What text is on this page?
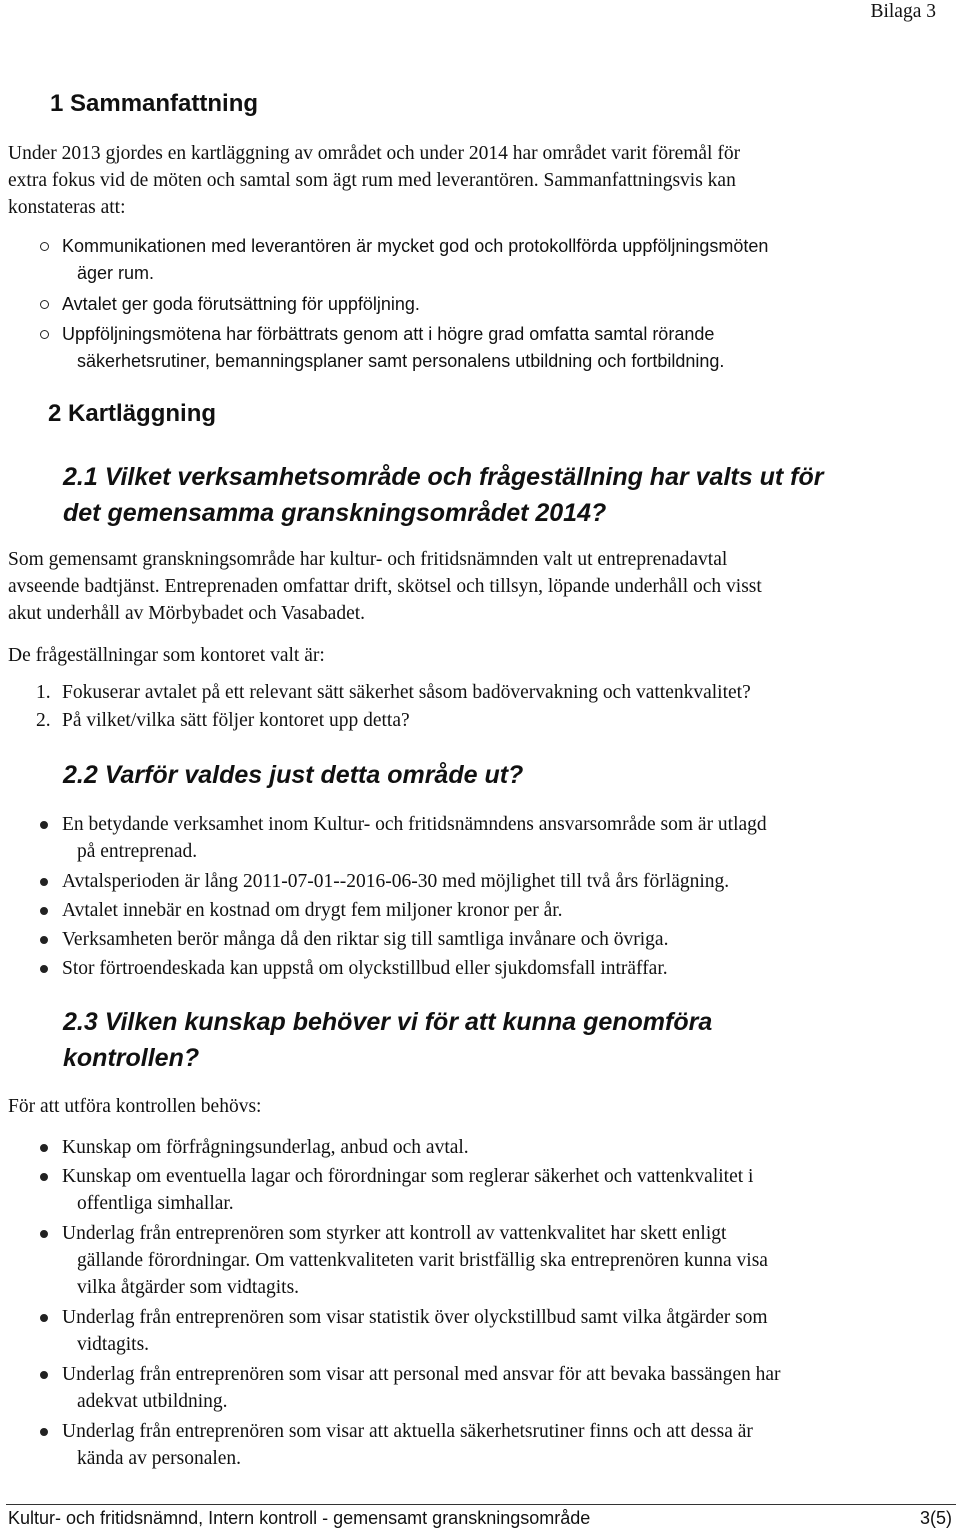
Bilaga 3
1 Sammanfattning
Under 2013 gjordes en kartläggning av området och under 2014 har området varit föremål för
extra fokus vid de möten och samtal som ägt rum med leverantören. Sammanfattningsvis kan
konstateras att:
Kommunikationen med leverantören är mycket god och protokollförda uppföljningsmöten
äger rum.
Avtalet ger goda förutsättning för uppföljning.
Uppföljningsmötena har förbättrats genom att i högre grad omfatta samtal rörande
säkerhetsrutiner, bemanningsplaner samt personalens utbildning och fortbildning.
2 Kartläggning
2.1 Vilket verksamhetsområde och frågeställning har valts ut för
det gemensamma granskningsområdet 2014?
Som gemensamt granskningsområde har kultur- och fritidsnämnden valt ut entreprenadavtal
avseende badtjänst. Entreprenaden omfattar drift, skötsel och tillsyn, löpande underhåll och visst
akut underhåll av Mörbybadet och Vasabadet.
De frågeställningar som kontoret valt är:
1. Fokuserar avtalet på ett relevant sätt säkerhet såsom badövervakning och vattenkvalitet?
2. På vilket/vilka sätt följer kontoret upp detta?
2.2 Varför valdes just detta område ut?
En betydande verksamhet inom Kultur- och fritidsnämndens ansvarsområde som är utlagd
på entreprenad.
Avtalsperioden är lång 2011-07-01--2016-06-30 med möjlighet till två års förlägning.
Avtalet innebär en kostnad om drygt fem miljoner kronor per år.
Verksamheten berör många då den riktar sig till samtliga invånare och övriga.
Stor förtroendeskada kan uppstå om olyckstillbud eller sjukdomsfall inträffar.
2.3 Vilken kunskap behöver vi för att kunna genomföra
kontrollen?
För att utföra kontrollen behövs:
Kunskap om förfrågningsunderlag, anbud och avtal.
Kunskap om eventuella lagar och förordningar som reglerar säkerhet och vattenkvalitet i
offentliga simhallar.
Underlag från entreprenören som styrker att kontroll av vattenkvalitet har skett enligt
gällande förordningar. Om vattenkvaliteten varit bristfällig ska entreprenören kunna visa
vilka åtgärder som vidtagits.
Underlag från entreprenören som visar statistik över olyckstillbud samt vilka åtgärder som
vidtagits.
Underlag från entreprenören som visar att personal med ansvar för att bevaka bassängen har
adekvat utbildning.
Underlag från entreprenören som visar att aktuella säkerhetsrutiner finns och att dessa är
kända av personalen.
Kultur- och fritidsnämnd, Intern kontroll - gemensamt granskningsområde	3(5)
